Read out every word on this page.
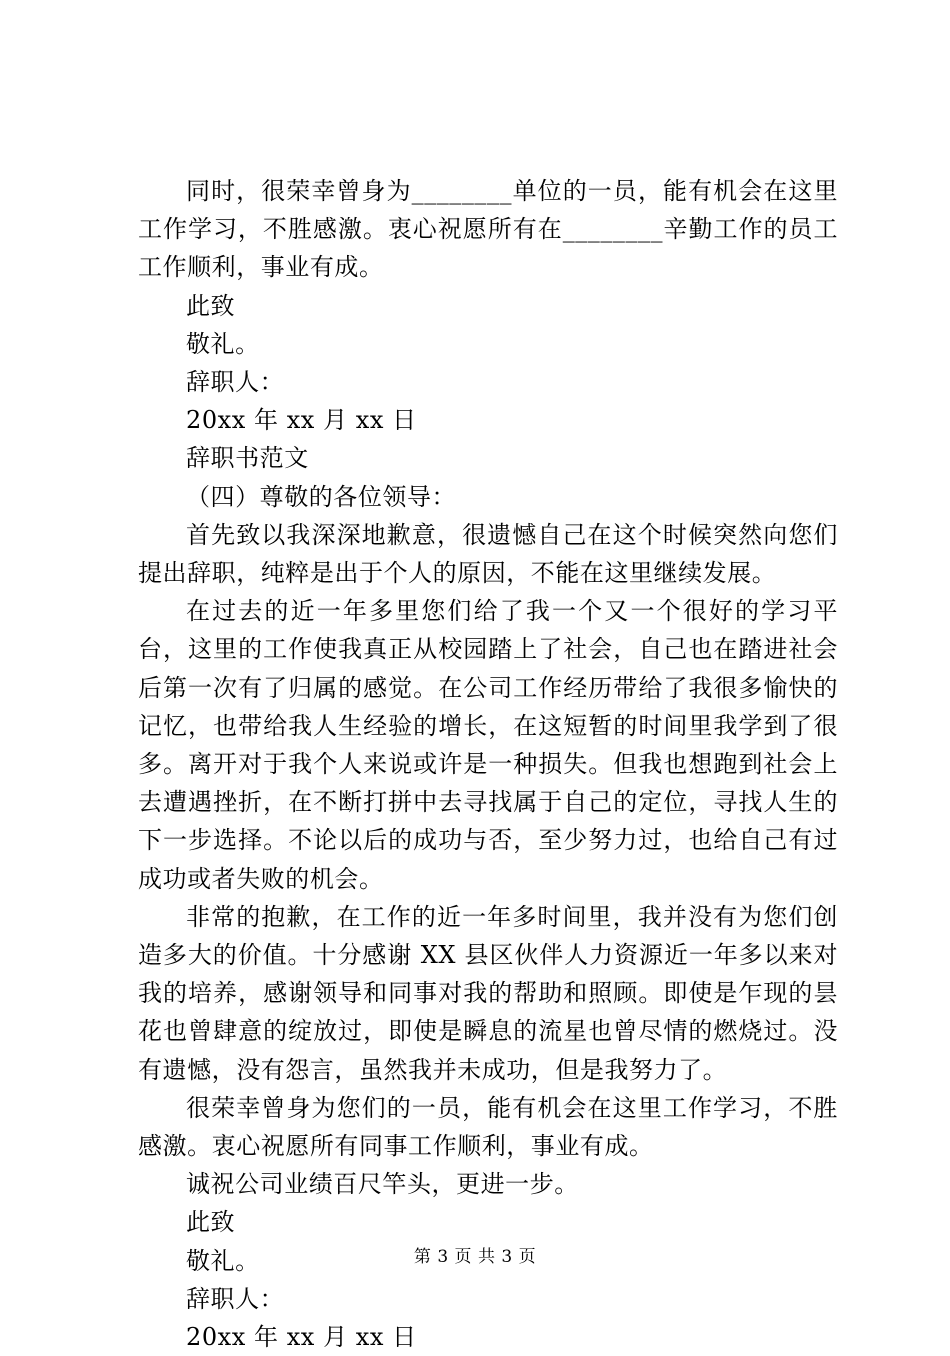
同时，很荣幸曾身为________单位的一员，能有机会在这里工作学习，不胜感激。衷心祝愿所有在________辛勤工作的员工工作顺利，事业有成。

此致

敬礼。

辞职人：

20xx 年 xx 月 xx 日

辞职书范文

（四）尊敬的各位领导：

首先致以我深深地歉意，很遗憾自己在这个时候突然向您们提出辞职，纯粹是出于个人的原因，不能在这里继续发展。

在过去的近一年多里您们给了我一个又一个很好的学习平台，这里的工作使我真正从校园踏上了社会，自己也在踏进社会后第一次有了归属的感觉。在公司工作经历带给了我很多愉快的记忆，也带给我人生经验的增长，在这短暂的时间里我学到了很多。离开对于我个人来说或许是一种损失。但我也想跑到社会上去遭遇挫折，在不断打拼中去寻找属于自己的定位，寻找人生的下一步选择。不论以后的成功与否，至少努力过，也给自己有过成功或者失败的机会。

非常的抱歉，在工作的近一年多时间里，我并没有为您们创造多大的价值。十分感谢 XX 县区伙伴人力资源近一年多以来对我的培养，感谢领导和同事对我的帮助和照顾。即使是乍现的昙花也曾肆意的绽放过，即使是瞬息的流星也曾尽情的燃烧过。没有遗憾，没有怨言，虽然我并未成功，但是我努力了。

很荣幸曾身为您们的一员，能有机会在这里工作学习，不胜感激。衷心祝愿所有同事工作顺利，事业有成。

诚祝公司业绩百尺竿头，更进一步。

此致

敬礼。

辞职人：

20xx 年 xx 月 xx 日

第 3 页 共 3 页
